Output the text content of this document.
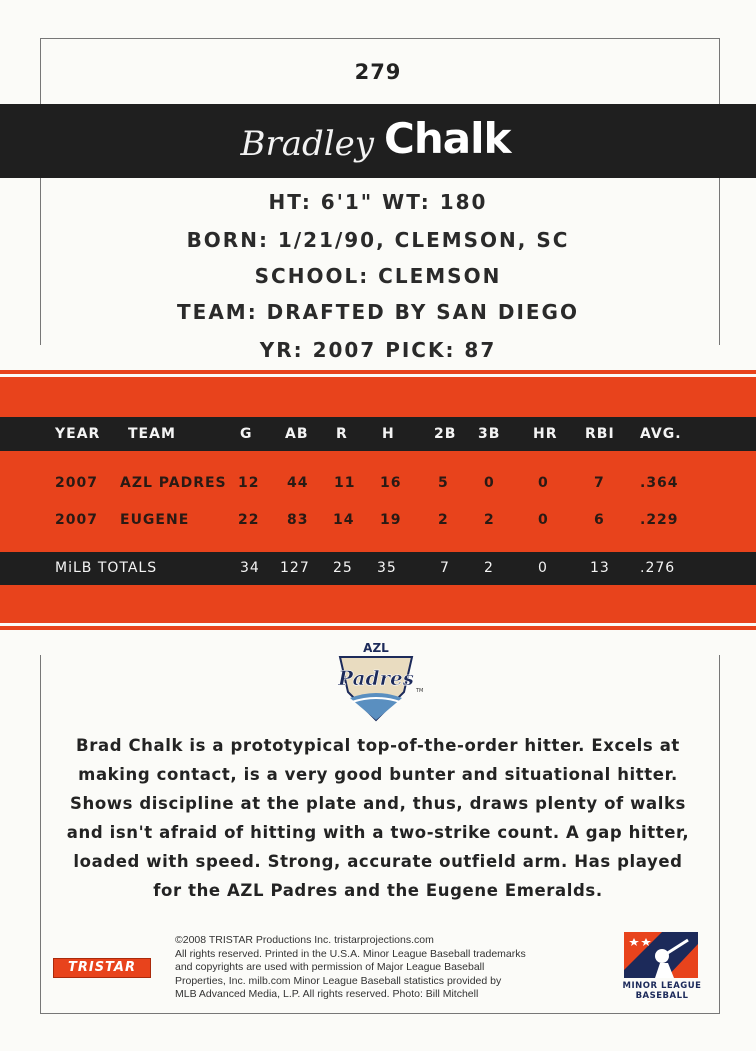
279
Bradley Chalk
HT: 6'1" WT: 180
BORN: 1/21/90, CLEMSON, SC
SCHOOL: CLEMSON
TEAM: DRAFTED BY SAN DIEGO
YR: 2007 PICK: 87
YEAR TEAM	G AB R H	2B 3B HR RBI AVG.
2007 AZL PADRES 12 44 11 16	5	0	0	7	.364
2007 EUGENE	22 83 14 19	2	2	0	6	.229
MiLB TOTALS	34 127 25 35	7 2	0	13 .276
AZL
Padres
TM
Brad Chalk is a prototypical top-of-the-order hitter. Excels at making contact, is a very good bunter and situational hitter. Shows discipline at the plate and, thus, draws plenty of walks and isn't afraid of hitting with a two-strike count. A gap hitter, loaded with speed. Strong, accurate outfield arm. Has played for the AZL Padres and the Eugene Emeralds.
©2008 TRISTAR Productions Inc. tristarprojections.com
All rights reserved. Printed in the U.S.A. Minor League Baseball trademarks
and copyrights are used with permission of Major League Baseball
Properties, Inc. milb.com Minor League Baseball statistics provided by
MLB Advanced Media, L.P. All rights reserved. Photo: Bill Mitchell
TRISTAR
MINOR LEAGUE
BASEBALL
